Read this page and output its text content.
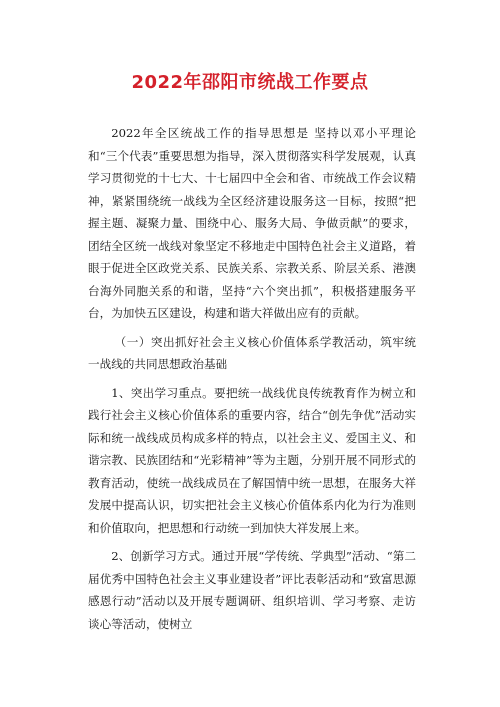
2022年邵阳市统战工作要点

2022年全区统战工作的指导思想是 坚持以邓小平理论和“三个代表”重要思想为指导，深入贯彻落实科学发展观，认真学习贯彻党的十七大、十七届四中全会和省、市统战工作会议精神，紧紧围绕统一战线为全区经济建设服务这一目标，按照“把握主题、凝聚力量、围绕中心、服务大局、争做贡献”的要求，团结全区统一战线对象坚定不移地走中国特色社会主义道路，着眼于促进全区政党关系、民族关系、宗教关系、阶层关系、港澳台海外同胞关系的和谐，坚持“六个突出抓”，积极搭建服务平台，为加快五区建设，构建和谐大祥做出应有的贡献。

（一）突出抓好社会主义核心价值体系学教活动，筑牢统一战线的共同思想政治基础

1、突出学习重点。要把统一战线优良传统教育作为树立和践行社会主义核心价值体系的重要内容，结合“创先争优”活动实际和统一战线成员构成多样的特点，以社会主义、爱国主义、和谐宗教、民族团结和“光彩精神”等为主题，分别开展不同形式的教育活动，使统一战线成员在了解国情中统一思想，在服务大祥发展中提高认识，切实把社会主义核心价值体系内化为行为准则和价值取向，把思想和行动统一到加快大祥发展上来。

2、创新学习方式。通过开展“学传统、学典型”活动、“第二届优秀中国特色社会主义事业建设者”评比表彰活动和“致富思源感恩行动”活动以及开展专题调研、组织培训、学习考察、走访谈心等活动，使树立
